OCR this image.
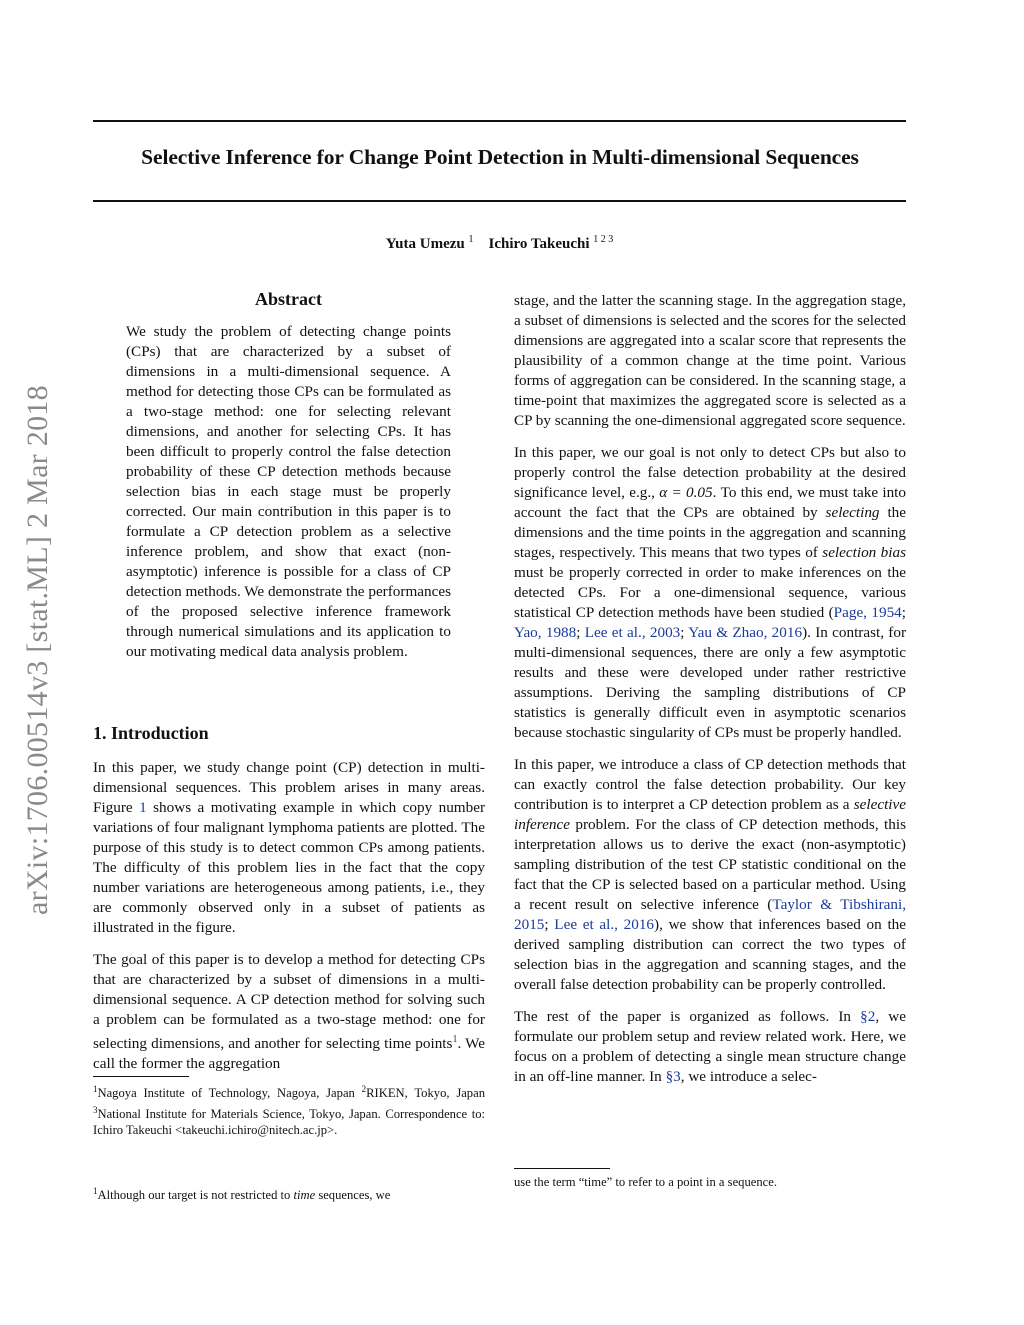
arXiv:1706.00514v3 [stat.ML] 2 Mar 2018
Selective Inference for Change Point Detection in Multi-dimensional Sequences
Yuta Umezu $^1$ Ichiro Takeuchi $^{1 2 3}$
Abstract

We study the problem of detecting change points (CPs) that are characterized by a subset of dimensions in a multi-dimensional sequence. A method for detecting those CPs can be formulated as a two-stage method: one for selecting relevant dimensions, and another for selecting CPs. It has been difficult to properly control the false detection probability of these CP detection methods because selection bias in each stage must be properly corrected. Our main contribution in this paper is to formulate a CP detection problem as a selective inference problem, and show that exact (non-asymptotic) inference is possible for a class of CP detection methods. We demonstrate the performances of the proposed selective inference framework through numerical simulations and its application to our motivating medical data analysis problem.

1. Introduction

In this paper, we study change point (CP) detection in multi-dimensional sequences. This problem arises in many areas. Figure 1 shows a motivating example in which copy number variations of four malignant lymphoma patients are plotted. The purpose of this study is to detect common CPs among patients. The difficulty of this problem lies in the fact that the copy number variations are heterogeneous among patients, i.e., they are commonly observed only in a subset of patients as illustrated in the figure.

The goal of this paper is to develop a method for detecting CPs that are characterized by a subset of dimensions in a multi-dimensional sequence. A CP detection method for solving such a problem can be formulated as a two-stage method: one for selecting dimensions, and another for selecting time points$^1$. We call the former the aggregation

$^1$Nagoya Institute of Technology, Nagoya, Japan $^2$RIKEN, Tokyo, Japan $^3$National Institute for Materials Science, Tokyo, Japan. Correspondence to: Ichiro Takeuchi <takeuchi.ichiro@nitech.ac.jp>.
$^1$Although our target is not restricted to time sequences, we

stage, and the latter the scanning stage. In the aggregation stage, a subset of dimensions is selected and the scores for the selected dimensions are aggregated into a scalar score that represents the plausibility of a common change at the time point. Various forms of aggregation can be considered. In the scanning stage, a time-point that maximizes the aggregated score is selected as a CP by scanning the one-dimensional aggregated score sequence.

In this paper, we our goal is not only to detect CPs but also to properly control the false detection probability at the desired significance level, e.g., α = 0.05. To this end, we must take into account the fact that the CPs are obtained by selecting the dimensions and the time points in the aggregation and scanning stages, respectively. This means that two types of selection bias must be properly corrected in order to make inferences on the detected CPs. For a one-dimensional sequence, various statistical CP detection methods have been studied (Page, 1954; Yao, 1988; Lee et al., 2003; Yau & Zhao, 2016). In contrast, for multi-dimensional sequences, there are only a few asymptotic results and these were developed under rather restrictive assumptions. Deriving the sampling distributions of CP statistics is generally difficult even in asymptotic scenarios because stochastic singularity of CPs must be properly handled.

In this paper, we introduce a class of CP detection methods that can exactly control the false detection probability. Our key contribution is to interpret a CP detection problem as a selective inference problem. For the class of CP detection methods, this interpretation allows us to derive the exact (non-asymptotic) sampling distribution of the test CP statistic conditional on the fact that the CP is selected based on a particular method. Using a recent result on selective inference (Taylor & Tibshirani, 2015; Lee et al., 2016), we show that inferences based on the derived sampling distribution can correct the two types of selection bias in the aggregation and scanning stages, and the overall false detection probability can be properly controlled.

The rest of the paper is organized as follows. In §2, we formulate our problem setup and review related work. Here, we focus on a problem of detecting a single mean structure change in an off-line manner. In §3, we introduce a selec-

use the term “time” to refer to a point in a sequence.
